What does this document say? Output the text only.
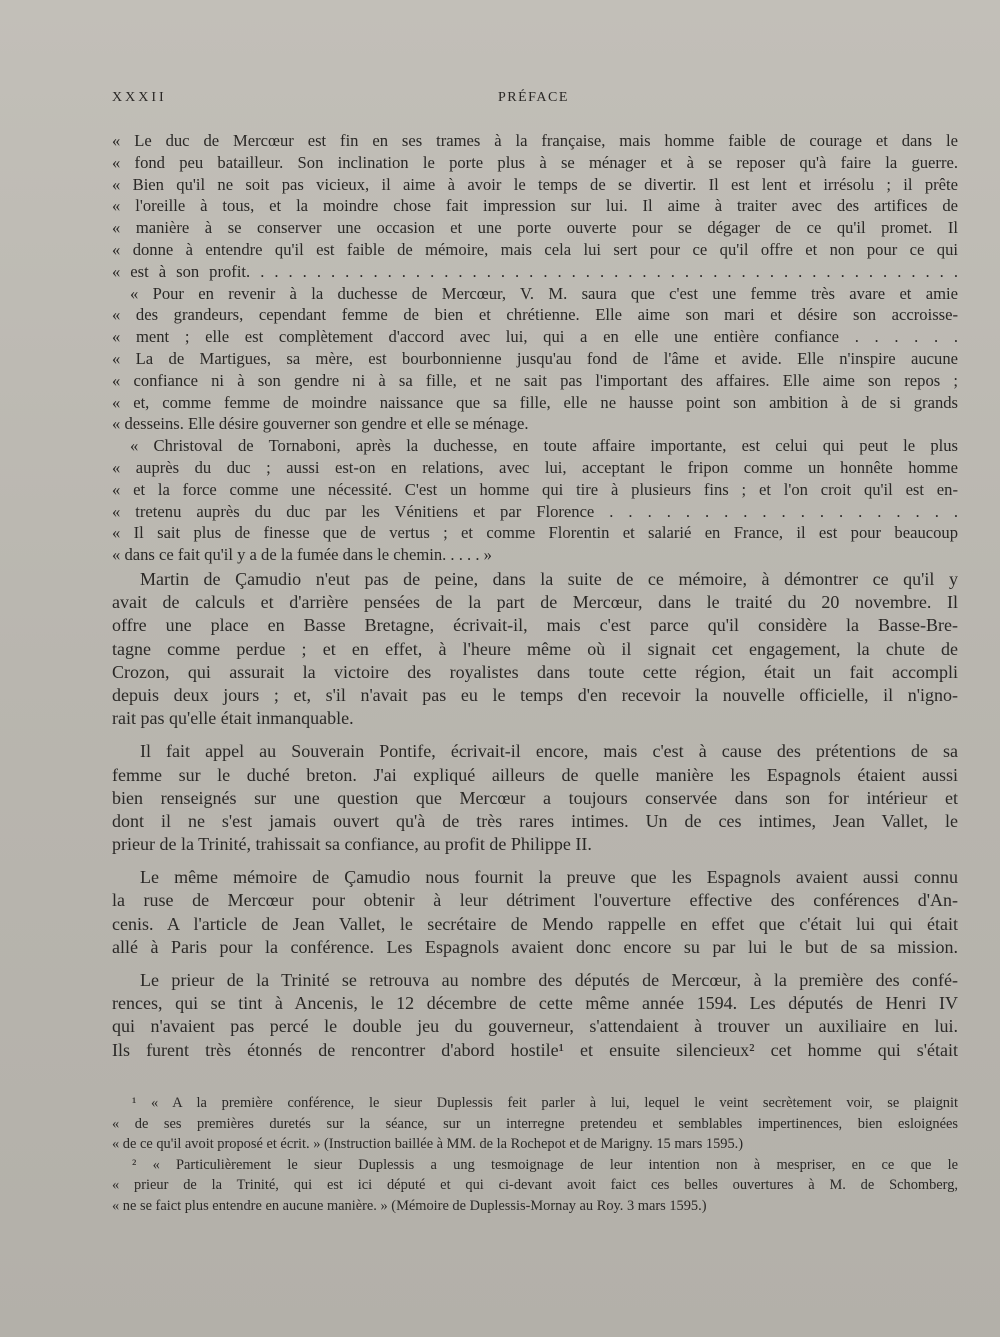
XXXII	PRÉFACE
« Le duc de Mercœur est fin en ses trames à la française, mais homme faible de courage et dans le
« fond peu batailleur. Son inclination le porte plus à se ménager et à se reposer qu'à faire la guerre.
« Bien qu'il ne soit pas vicieux, il aime à avoir le temps de se divertir. Il est lent et irrésolu ; il prête
« l'oreille à tous, et la moindre chose fait impression sur lui. Il aime à traiter avec des artifices de
« manière à se conserver une occasion et une porte ouverte pour se dégager de ce qu'il promet. Il
« donne à entendre qu'il est faible de mémoire, mais cela lui sert pour ce qu'il offre et non pour ce qui
« est à son profit. . . . . . . . . . . . . . . . . . . . . . . . . . . . . . . . . . . . . . . . . . . . . . . . . . .
« Pour en revenir à la duchesse de Mercœur, V. M. saura que c'est une femme très avare et amie
« des grandeurs, cependant femme de bien et chrétienne. Elle aime son mari et désire son accroisse-
« ment ; elle est complètement d'accord avec lui, qui a en elle une entière confiance . . . . . .
« La de Martigues, sa mère, est bourbonnienne jusqu'au fond de l'âme et avide. Elle n'inspire aucune
« confiance ni à son gendre ni à sa fille, et ne sait pas l'important des affaires. Elle aime son repos ;
« et, comme femme de moindre naissance que sa fille, elle ne hausse point son ambition à de si grands
« desseins. Elle désire gouverner son gendre et elle se ménage.
« Christoval de Tornaboni, après la duchesse, en toute affaire importante, est celui qui peut le plus
« auprès du duc ; aussi est-on en relations, avec lui, acceptant le fripon comme un honnête homme
« et la force comme une nécessité. C'est un homme qui tire à plusieurs fins ; et l'on croit qu'il est en-
« tretenu auprès du duc par les Vénitiens et par Florence . . . . . . . . . . . . . . . . . . .
« Il sait plus de finesse que de vertus ; et comme Florentin et salarié en France, il est pour beaucoup
« dans ce fait qu'il y a de la fumée dans le chemin. . . . . »
Martin de Çamudio n'eut pas de peine, dans la suite de ce mémoire, à démontrer ce qu'il y
avait de calculs et d'arrière pensées de la part de Mercœur, dans le traité du 20 novembre. Il
offre une place en Basse Bretagne, écrivait-il, mais c'est parce qu'il considère la Basse-Bre-
tagne comme perdue ; et en effet, à l'heure même où il signait cet engagement, la chute de
Crozon, qui assurait la victoire des royalistes dans toute cette région, était un fait accompli
depuis deux jours ; et, s'il n'avait pas eu le temps d'en recevoir la nouvelle officielle, il n'igno-
rait pas qu'elle était inmanquable.
Il fait appel au Souverain Pontife, écrivait-il encore, mais c'est à cause des prétentions de sa
femme sur le duché breton. J'ai expliqué ailleurs de quelle manière les Espagnols étaient aussi
bien renseignés sur une question que Mercœur a toujours conservée dans son for intérieur et
dont il ne s'est jamais ouvert qu'à de très rares intimes. Un de ces intimes, Jean Vallet, le
prieur de la Trinité, trahissait sa confiance, au profit de Philippe II.
Le même mémoire de Çamudio nous fournit la preuve que les Espagnols avaient aussi connu
la ruse de Mercœur pour obtenir à leur détriment l'ouverture effective des conférences d'An-
cenis. A l'article de Jean Vallet, le secrétaire de Mendo rappelle en effet que c'était lui qui était
allé à Paris pour la conférence. Les Espagnols avaient donc encore su par lui le but de sa mission.
Le prieur de la Trinité se retrouva au nombre des députés de Mercœur, à la première des confé-
rences, qui se tint à Ancenis, le 12 décembre de cette même année 1594. Les députés de Henri IV
qui n'avaient pas percé le double jeu du gouverneur, s'attendaient à trouver un auxiliaire en lui.
Ils furent très étonnés de rencontrer d'abord hostile¹ et ensuite silencieux² cet homme qui s'était
¹ « A la première conférence, le sieur Duplessis feit parler à lui, lequel le veint secrètement voir, se plaignit
« de ses premières duretés sur la séance, sur un interregne pretendeu et semblables impertinences, bien esloignées
« de ce qu'il avoit proposé et écrit. » (Instruction baillée à MM. de la Rochepot et de Marigny. 15 mars 1595.)
² « Particulièrement le sieur Duplessis a ung tesmoignage de leur intention non à mespriser, en ce que le
« prieur de la Trinité, qui est ici député et qui ci-devant avoit faict ces belles ouvertures à M. de Schomberg,
« ne se faict plus entendre en aucune manière. » (Mémoire de Duplessis-Mornay au Roy. 3 mars 1595.)
